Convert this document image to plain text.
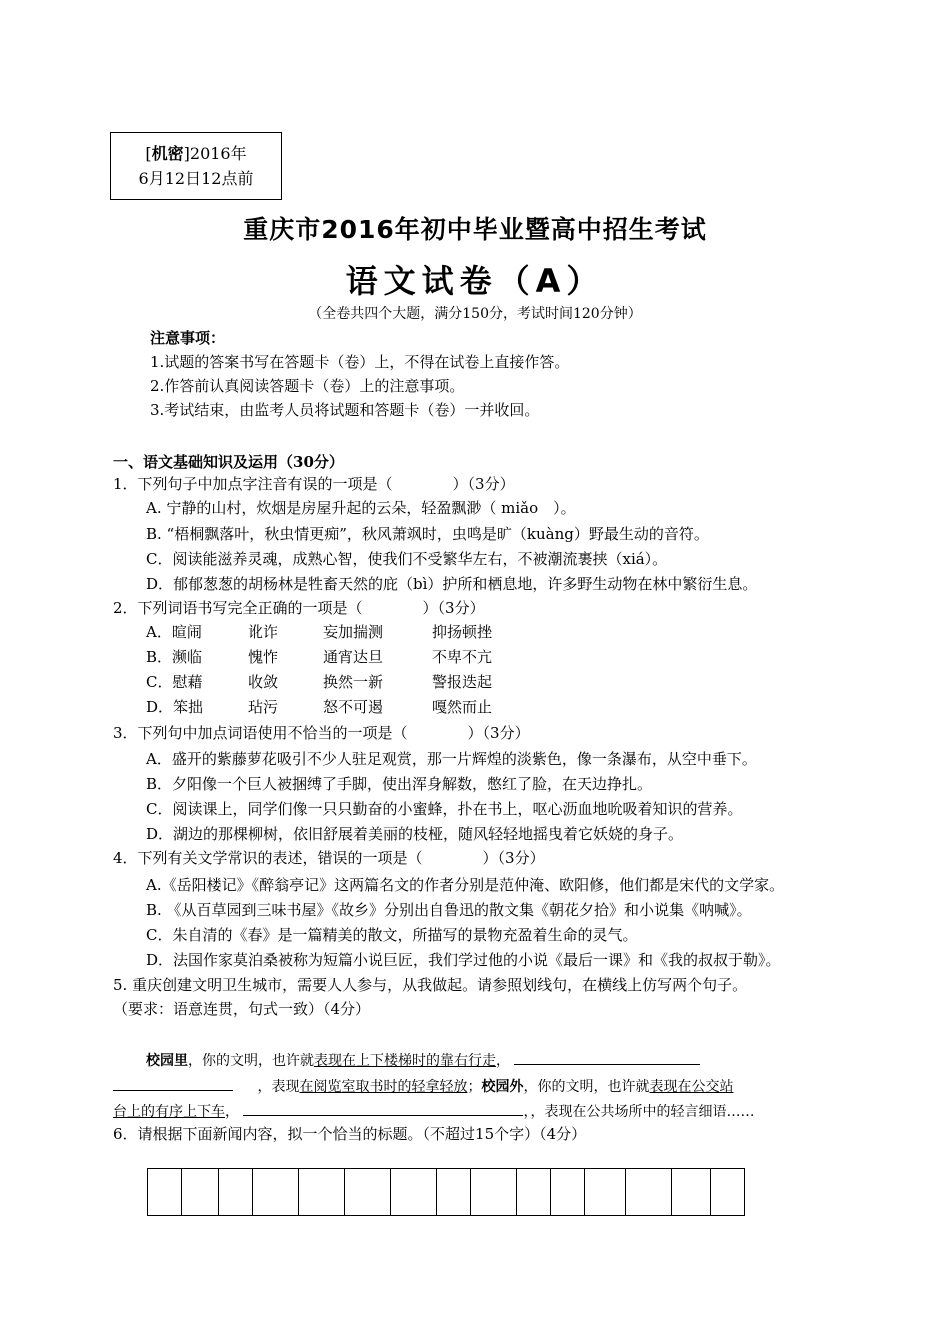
[机密]2016年
6月12日12点前
重庆市2016年初中毕业暨高中招生考试
语文试卷（A）
（全卷共四个大题，满分150分，考试时间120分钟）
注意事项：
1.试题的答案书写在答题卡（卷）上，不得在试卷上直接作答。
2.作答前认真阅读答题卡（卷）上的注意事项。
3.考试结束，由监考人员将试题和答题卡（卷）一并收回。
一、语文基础知识及运用（30分）
1．下列句子中加点字注音有误的一项是（　　　　）（3分）
A. 宁静的山村，炊烟是房屋升起的云朵，轻盈飘渺（ miǎo　）。
B. “梧桐飘落叶，秋虫情更痴”，秋风萧飒时，虫鸣是旷（kuàng）野最生动的音符。
C．阅读能滋养灵魂，成熟心智，使我们不受繁华左右，不被潮流裹挟（xiá）。
D．郁郁葱葱的胡杨林是牲畜天然的庇（bì）护所和栖息地，许多野生动物在林中繁衍生息。
2．下列词语书写完全正确的一项是（　　　　）（3分）
A．暄闹	讹诈	妄加揣测	抑扬顿挫
B．濒临	愧怍	通宵达旦	不卑不亢
C．慰藉	收敛	换然一新	警报迭起
D．笨拙	玷污	怒不可遏	嘎然而止
3．下列句中加点词语使用不恰当的一项是（　　　　）（3分）
A．盛开的紫藤萝花吸引不少人驻足观赏，那一片辉煌的淡紫色，像一条瀑布，从空中垂下。
B．夕阳像一个巨人被捆缚了手脚，使出浑身解数，憋红了脸，在天边挣扎。
C．阅读课上，同学们像一只只勤奋的小蜜蜂，扑在书上，呕心沥血地吮吸着知识的营养。
D．湖边的那棵柳树，依旧舒展着美丽的枝桠，随风轻轻地摇曳着它妖娆的身子。
4．下列有关文学常识的表述，错误的一项是（　　　　）（3分）
A.《岳阳楼记》《醉翁亭记》这两篇名文的作者分别是范仲淹、欧阳修，他们都是宋代的文学家。
B. 《从百草园到三味书屋》《故乡》分别出自鲁迅的散文集《朝花夕拾》和小说集《呐喊》。
C．朱自清的《春》是一篇精美的散文，所描写的景物充盈着生命的灵气。
D．法国作家莫泊桑被称为短篇小说巨匠，我们学过他的小说《最后一课》和《我的叔叔于勒》。
5. 重庆创建文明卫生城市，需要人人参与，从我做起。请参照划线句，在横线上仿写两个句子。
（要求：语意连贯，句式一致）（4分）
校园里，你的文明，也许就表现在上下楼梯时的靠右行走，
，表现在阅览室取书时的轻拿轻放；校园外，你的文明，也许就表现在公交站
台上的有序上下车，	，，表现在公共场所中的轻言细语……
6．请根据下面新闻内容，拟一个恰当的标题。（不超过15个字）（4分）
